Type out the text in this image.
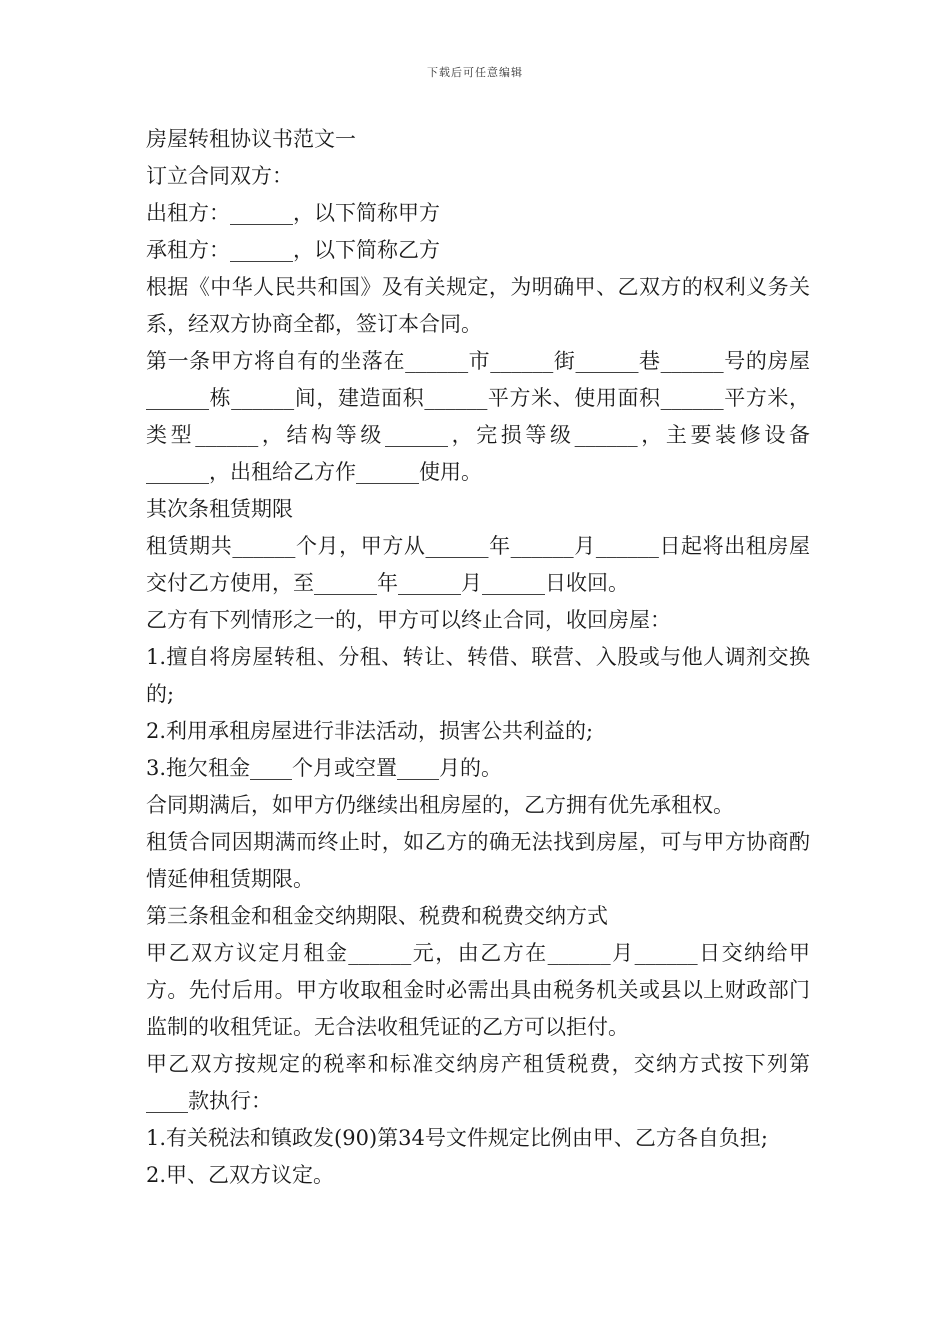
下载后可任意编辑

房屋转租协议书范文一

订立合同双方：

出租方：______，以下简称甲方

承租方：______，以下简称乙方

根据《中华人民共和国》及有关规定，为明确甲、乙双方的权利义务关系，经双方协商全都，签订本合同。

第一条甲方将自有的坐落在______市______街______巷______号的房屋______栋______间，建造面积______平方米、使用面积______平方米，类型______，结构等级______，完损等级______，主要装修设备______，出租给乙方作______使用。

其次条租赁期限

租赁期共______个月，甲方从______年______月______日起将出租房屋交付乙方使用，至______年______月______日收回。

乙方有下列情形之一的，甲方可以终止合同，收回房屋：

1.擅自将房屋转租、分租、转让、转借、联营、入股或与他人调剂交换的;

2.利用承租房屋进行非法活动，损害公共利益的;

3.拖欠租金____个月或空置____月的。

合同期满后，如甲方仍继续出租房屋的，乙方拥有优先承租权。

租赁合同因期满而终止时，如乙方的确无法找到房屋，可与甲方协商酌情延伸租赁期限。

第三条租金和租金交纳期限、税费和税费交纳方式

甲乙双方议定月租金______元，由乙方在______月______日交纳给甲方。先付后用。甲方收取租金时必需出具由税务机关或县以上财政部门监制的收租凭证。无合法收租凭证的乙方可以拒付。

甲乙双方按规定的税率和标准交纳房产租赁税费，交纳方式按下列第____款执行：

1.有关税法和镇政发(90)第34号文件规定比例由甲、乙方各自负担;

2.甲、乙双方议定。
